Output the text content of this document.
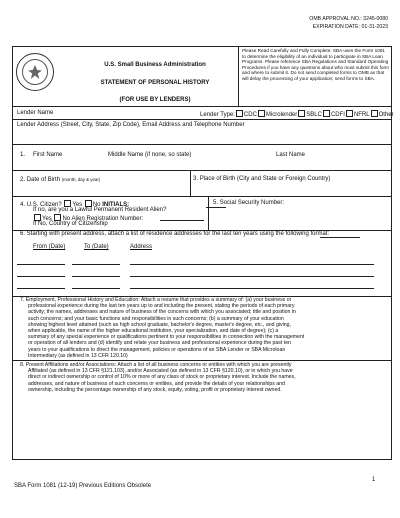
OMB APPROVAL NO.: 3245-0080
EXPIRATION DATE: 01-31-2023
U.S. Small Business Administration
STATEMENT OF PERSONAL HISTORY
(FOR USE BY LENDERS)
Please Read Carefully and Fully Complete: SBA uses the Form 1081 to determine the eligibility of an individual to participate in SBA Loan Programs. Please reference SBA Regulations and Standard Operating Procedures if you have any questions about who must submit this form and where to submit it. Do not send completed forms to OMB as that will delay the processing of your application; send forms to SBA.
Lender Name	Lender Type: CDC Microlender SBLC CDFI NFRL Other
Lender Address (Street, City, State, Zip Code), Email Address and Telephone Number
1. First Name	Middle Name (if none, so state)	Last Name
2. Date of Birth (month, day & year)	3. Place of Birth (City and State or Foreign Country)
4. U.S. Citizen? Yes No INITIALS:
If no, are you a Lawful Permanent Resident Alien?
Yes No Alien Registration Number:
If No, Country of Citizenship
5. Social Security Number:
6. Starting with present address, attach a list of residence addresses for the last ten years using the following format:
From (Date)	To (Date)	Address
7. Employment, Professional History and Education: Attach a resume that provides a summary of: (a) your business or
professional experience during the last ten years up to and including the present, stating the periods of each primary
activity; the names, addresses and nature of business of the concerns with which you associated; title and position in
such concerns; and your basic functions and responsibilities in such concerns; (b) a summary of your education
showing highest level attained (such as high school graduate, bachelor's degree, master's degree, etc., and giving,
when applicable, the name of the higher educational institution, your specialization, and date of degree); (c) a
summary of any special experience or qualifications pertinent to your responsibilities in connection with the management
or operation of all lenders and (d) identify and relate your business and professional experience during the past ten
years to your qualifications to direct the management, policies or operations of an SBA Lender or SBA Microloan
Intermediary (as defined in 13 CFR 120.10)
8. Present Affiliations and/or Associations: Attach a list of all business concerns or entities with which you are presently
Affiliated (as defined in 13 CFR §121.103), and/or Associated (as defined in 13 CFR §120.10), or in which you have
direct or indirect ownership or control of 10% or more of any class of stock or proprietary interest. Include the names,
addresses, and nature of business of such concerns or entities, and provide the details of your relationships and
ownership, including the percentage ownership of any stock, equity, voting, profit or proprietary interest owned.
SBA Form 1081 (12-19) Previous Editions Obsolete
1
